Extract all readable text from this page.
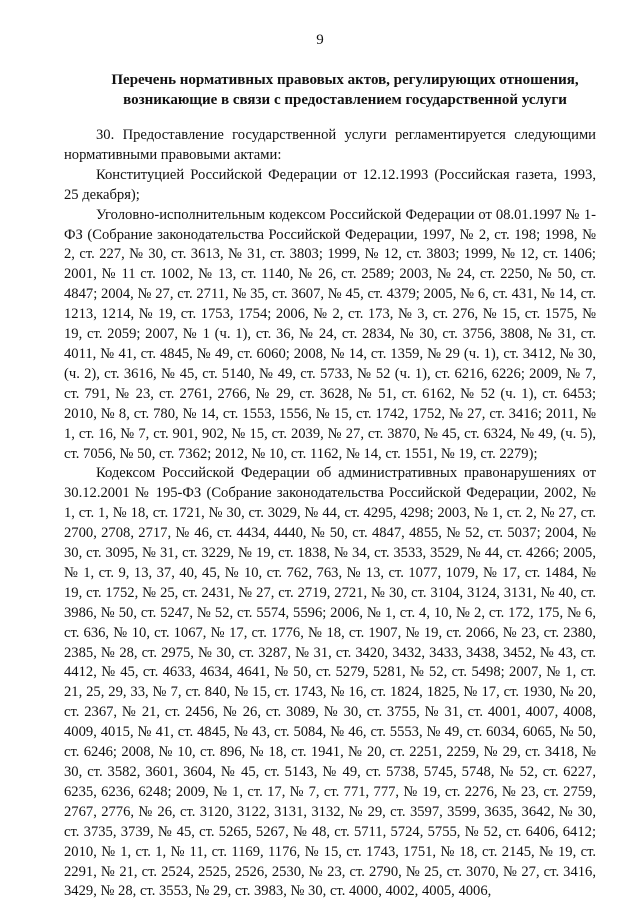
9
Перечень нормативных правовых актов, регулирующих отношения,
возникающие в связи с предоставлением государственной услуги

30. Предоставление государственной услуги регламентируется следующими нормативными правовыми актами:

Конституцией Российской Федерации от 12.12.1993 (Российская газета, 1993, 25 декабря);

Уголовно-исполнительным кодексом Российской Федерации от 08.01.1997 № 1-ФЗ (Собрание законодательства Российской Федерации, 1997, № 2, ст. 198; 1998, № 2, ст. 227, № 30, ст. 3613, № 31, ст. 3803; 1999, № 12, ст. 3803; 1999, № 12, ст. 1406; 2001, № 11 ст. 1002, № 13, ст. 1140, № 26, ст. 2589; 2003, № 24, ст. 2250, № 50, ст. 4847; 2004, № 27, ст. 2711, № 35, ст. 3607, № 45, ст. 4379; 2005, № 6, ст. 431, № 14, ст. 1213, 1214, № 19, ст. 1753, 1754; 2006, № 2, ст. 173, № 3, ст. 276, № 15, ст. 1575, № 19, ст. 2059; 2007, № 1 (ч. 1), ст. 36, № 24, ст. 2834, № 30, ст. 3756, 3808, № 31, ст. 4011, № 41, ст. 4845, № 49, ст. 6060; 2008, № 14, ст. 1359, № 29 (ч. 1), ст. 3412, № 30, (ч. 2), ст. 3616, № 45, ст. 5140, № 49, ст. 5733, № 52 (ч. 1), ст. 6216, 6226; 2009, № 7, ст. 791, № 23, ст. 2761, 2766, № 29, ст. 3628, № 51, ст. 6162, № 52 (ч. 1), ст. 6453; 2010, № 8, ст. 780, № 14, ст. 1553, 1556, № 15, ст. 1742, 1752, № 27, ст. 3416; 2011, № 1, ст. 16, № 7, ст. 901, 902, № 15, ст. 2039, № 27, ст. 3870, № 45, ст. 6324, № 49, (ч. 5), ст. 7056, № 50, ст. 7362; 2012, № 10, ст. 1162, № 14, ст. 1551, № 19, ст. 2279);

Кодексом Российской Федерации об административных правонарушениях от 30.12.2001 № 195-ФЗ (Собрание законодательства Российской Федерации, 2002, № 1, ст. 1, № 18, ст. 1721, № 30, ст. 3029, № 44, ст. 4295, 4298; 2003, № 1, ст. 2, № 27, ст. 2700, 2708, 2717, № 46, ст. 4434, 4440, № 50, ст. 4847, 4855, № 52, ст. 5037; 2004, № 30, ст. 3095, № 31, ст. 3229, № 19, ст. 1838, № 34, ст. 3533, 3529, № 44, ст. 4266; 2005, № 1, ст. 9, 13, 37, 40, 45, № 10, ст. 762, 763, № 13, ст. 1077, 1079, № 17, ст. 1484, № 19, ст. 1752, № 25, ст. 2431, № 27, ст. 2719, 2721, № 30, ст. 3104, 3124, 3131, № 40, ст. 3986, № 50, ст. 5247, № 52, ст. 5574, 5596; 2006, № 1, ст. 4, 10, № 2, ст. 172, 175, № 6, ст. 636, № 10, ст. 1067, № 17, ст. 1776, № 18, ст. 1907, № 19, ст. 2066, № 23, ст. 2380, 2385, № 28, ст. 2975, № 30, ст. 3287, № 31, ст. 3420, 3432, 3433, 3438, 3452, № 43, ст. 4412, № 45, ст. 4633, 4634, 4641, № 50, ст. 5279, 5281, № 52, ст. 5498; 2007, № 1, ст. 21, 25, 29, 33, № 7, ст. 840, № 15, ст. 1743, № 16, ст. 1824, 1825, № 17, ст. 1930, № 20, ст. 2367, № 21, ст. 2456, № 26, ст. 3089, № 30, ст. 3755, № 31, ст. 4001, 4007, 4008, 4009, 4015, № 41, ст. 4845, № 43, ст. 5084, № 46, ст. 5553, № 49, ст. 6034, 6065, № 50, ст. 6246; 2008, № 10, ст. 896, № 18, ст. 1941, № 20, ст. 2251, 2259, № 29, ст. 3418, № 30, ст. 3582, 3601, 3604, № 45, ст. 5143, № 49, ст. 5738, 5745, 5748, № 52, ст. 6227, 6235, 6236, 6248; 2009, № 1, ст. 17, № 7, ст. 771, 777, № 19, ст. 2276, № 23, ст. 2759, 2767, 2776, № 26, ст. 3120, 3122, 3131, 3132, № 29, ст. 3597, 3599, 3635, 3642, № 30, ст. 3735, 3739, № 45, ст. 5265, 5267, № 48, ст. 5711, 5724, 5755, № 52, ст. 6406, 6412; 2010, № 1, ст. 1, № 11, ст. 1169, 1176, № 15, ст. 1743, 1751, № 18, ст. 2145, № 19, ст. 2291, № 21, ст. 2524, 2525, 2526, 2530, № 23, ст. 2790, № 25, ст. 3070, № 27, ст. 3416, 3429, № 28, ст. 3553, № 29, ст. 3983, № 30, ст. 4000, 4002, 4005, 4006,
